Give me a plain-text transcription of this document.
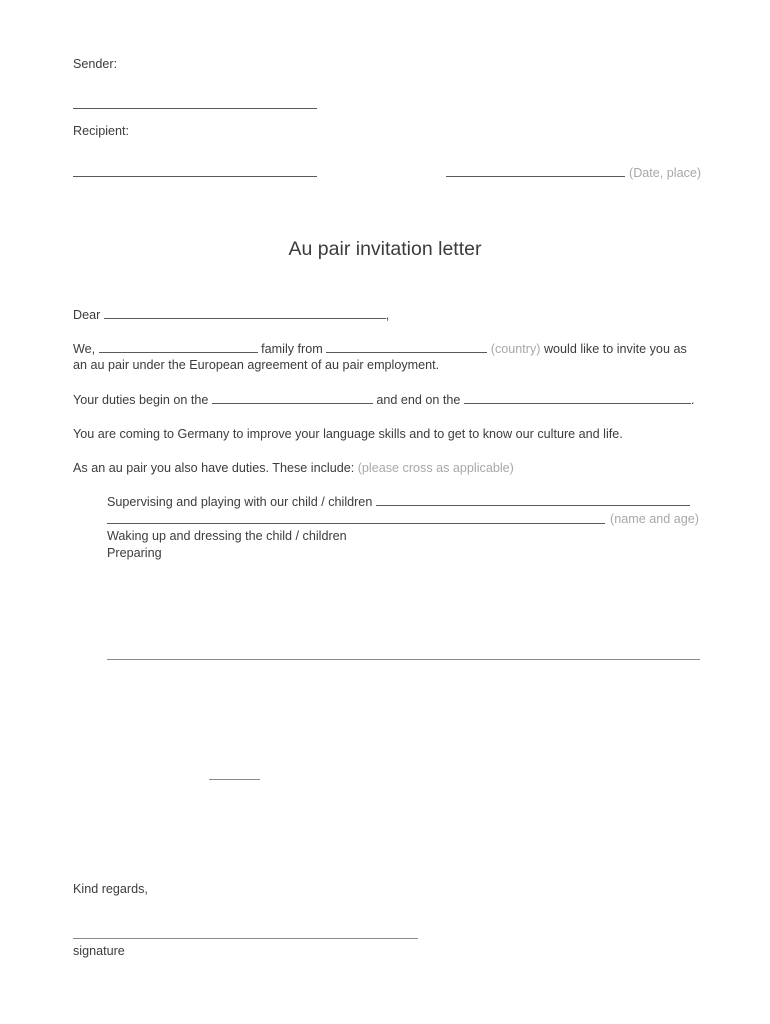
Sender:
Recipient:
(Date, place)
Au pair invitation letter
Dear	,
We,	family from	(country) would like to invite you as
an au pair under the European agreement of au pair employment.
Your duties begin on the	and end on the	.
You are coming to Germany to improve your language skills and to get to know our culture and life.
As an au pair you also have duties. These include: (please cross as applicable)
Supervising and playing with our child / children
(name and age)
Waking up and dressing the child / children
Preparing
Kind regards,
signature
